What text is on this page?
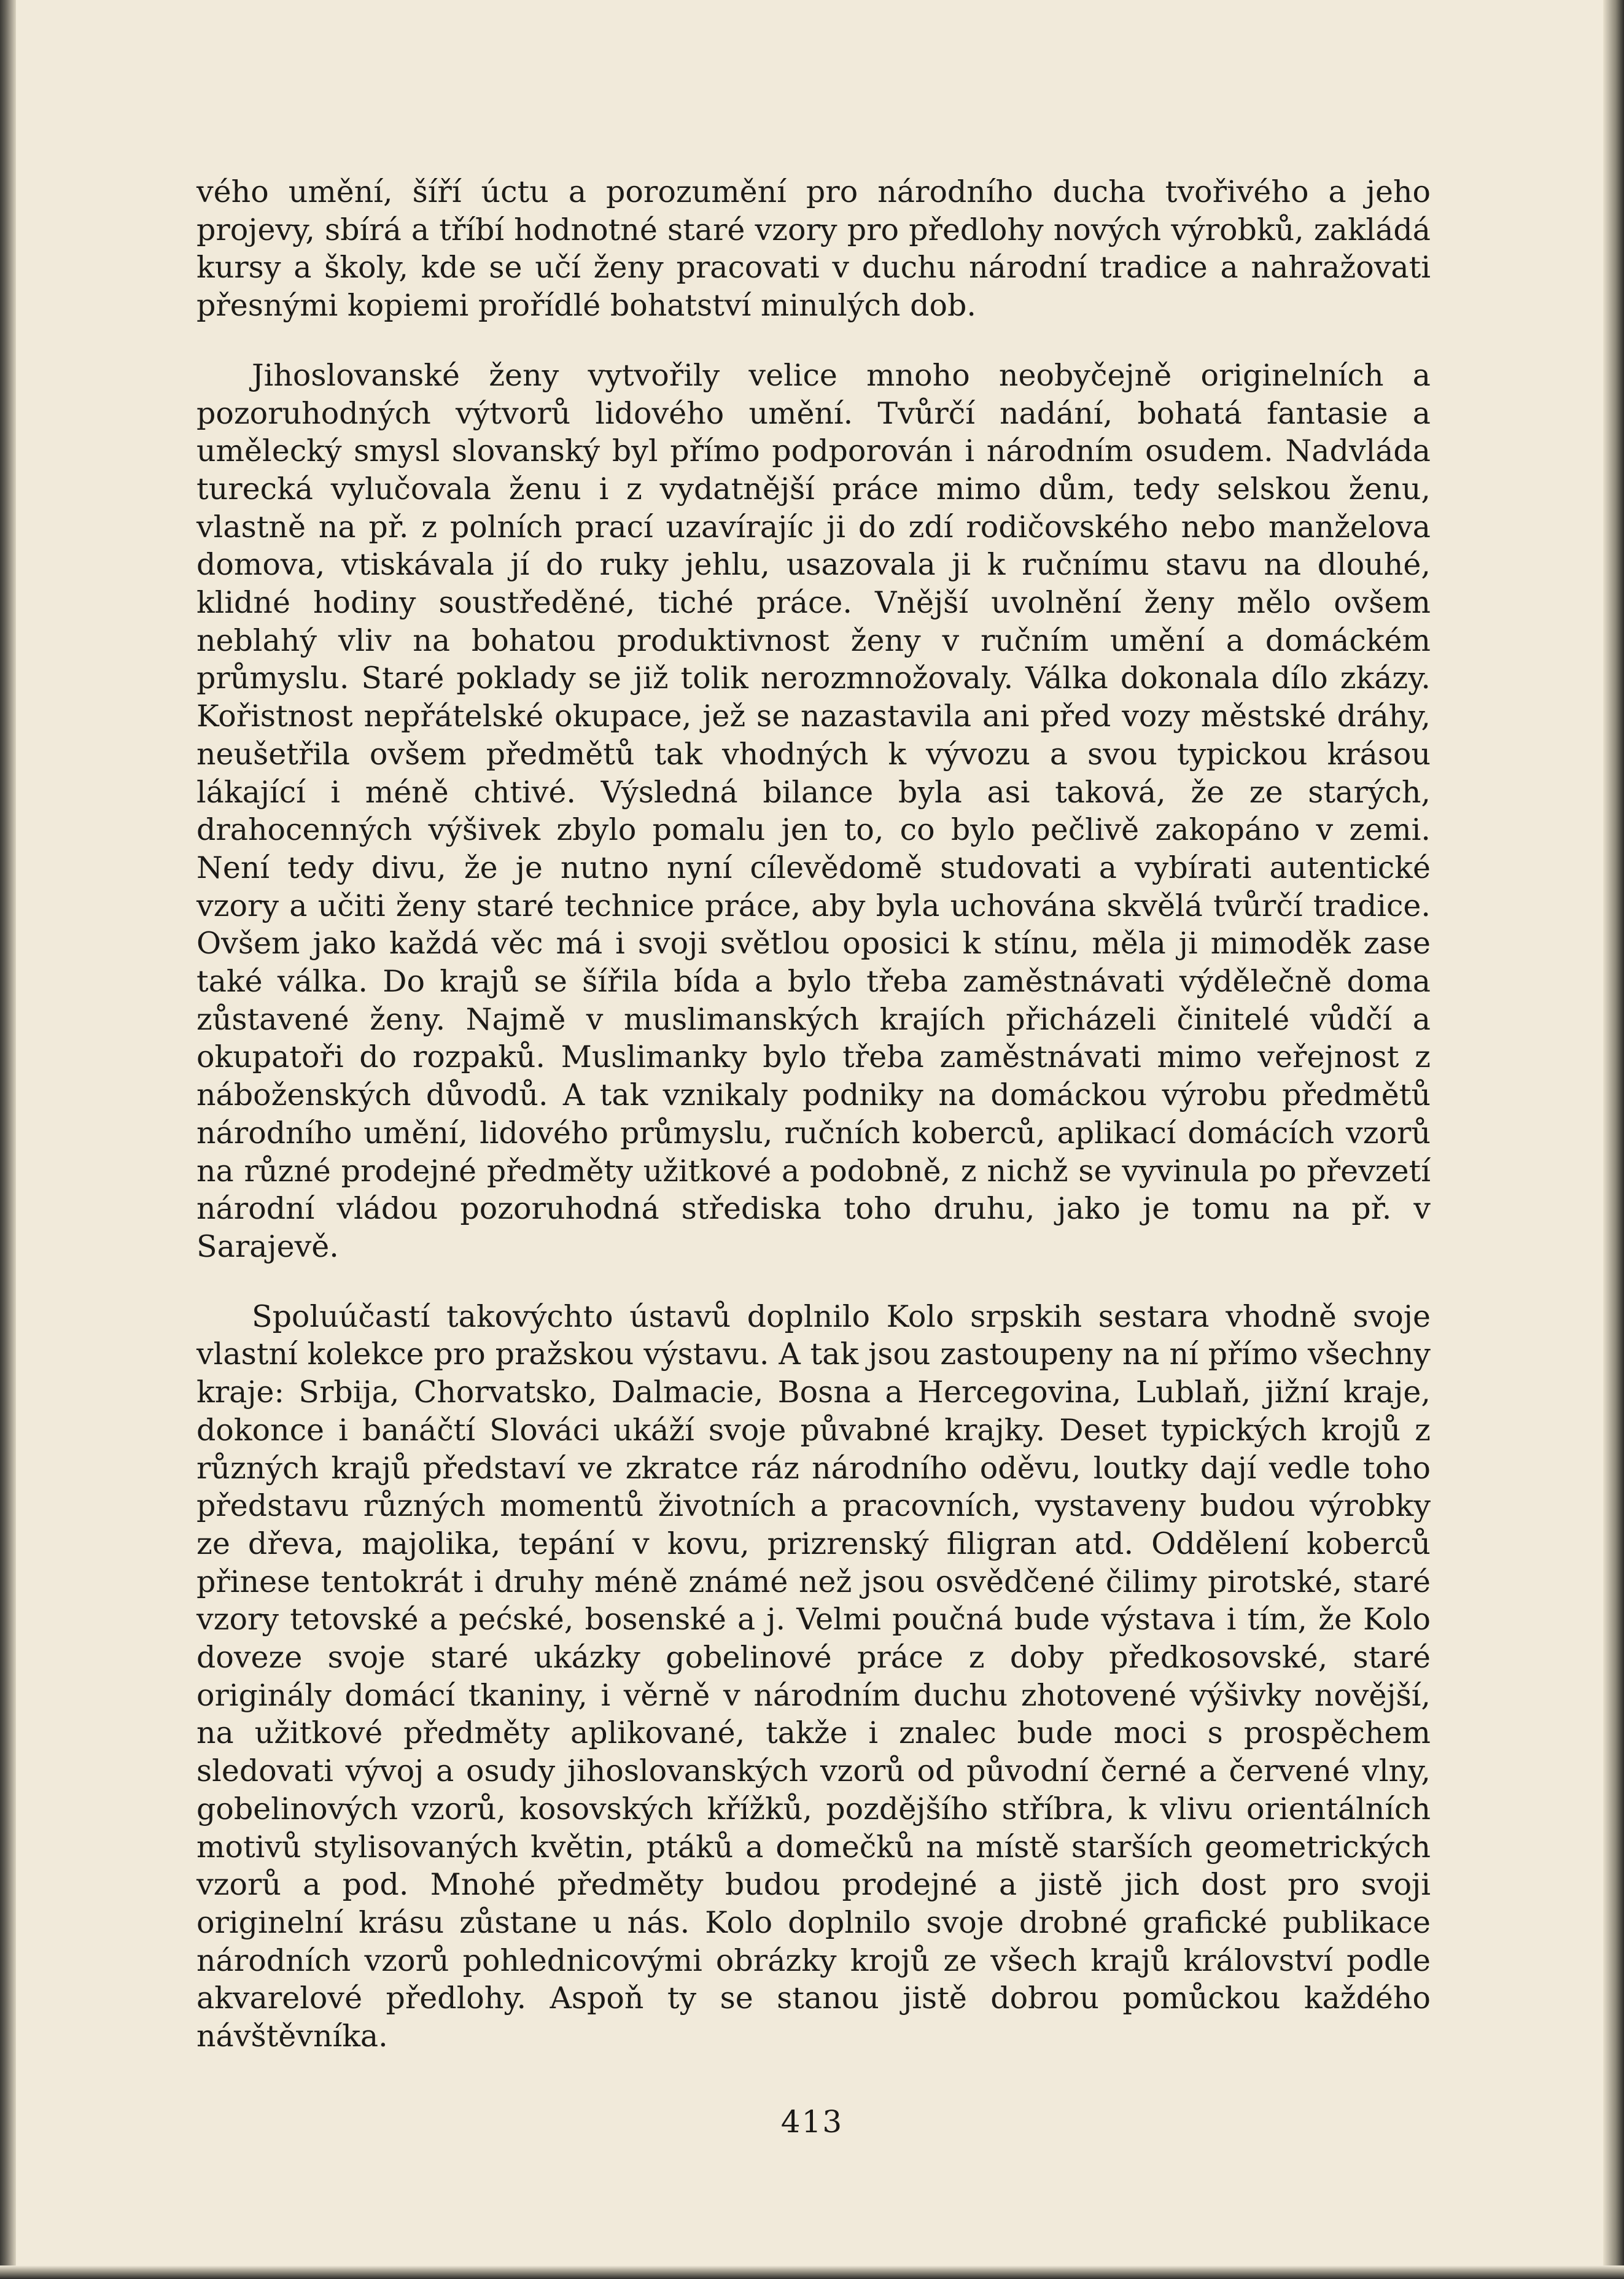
vého umění, šíří úctu a porozumění pro národního ducha tvořivého a jeho projevy, sbírá a tříbí hodnotné staré vzory pro předlohy nových výrobků, zakládá kursy a školy, kde se učí ženy pracovati v duchu národní tradice a nahražovati přesnými kopiemi prořídlé bohatství minulých dob.

Jihoslovanské ženy vytvořily velice mnoho neobyčejně originelních a pozoruhodných výtvorů lidového umění. Tvůrčí nadání, bohatá fantasie a umělecký smysl slovanský byl přímo podporován i národním osudem. Nadvláda turecká vylučovala ženu i z vydatnější práce mimo dům, tedy selskou ženu, vlastně na př. z polních prací uzavírajíc ji do zdí rodičovského nebo manželova domova, vtiskávala jí do ruky jehlu, usazovala ji k ručnímu stavu na dlouhé, klidné hodiny soustředěné, tiché práce. Vnější uvolnění ženy mělo ovšem neblahý vliv na bohatou produktivnost ženy v ručním umění a domáckém průmyslu. Staré poklady se již tolik nerozmnožovaly. Válka dokonala dílo zkázy. Kořistnost nepřátelské okupace, jež se nazastavila ani před vozy městské dráhy, neušetřila ovšem předmětů tak vhodných k vývozu a svou typickou krásou lákající i méně chtivé. Výsledná bilance byla asi taková, že ze starých, drahocenných výšivek zbylo pomalu jen to, co bylo pečlivě zakopáno v zemi. Není tedy divu, že je nutno nyní cílevědomě studovati a vybírati autentické vzory a učiti ženy staré technice práce, aby byla uchována skvělá tvůrčí tradice. Ovšem jako každá věc má i svoji světlou oposici k stínu, měla ji mimoděk zase také válka. Do krajů se šířila bída a bylo třeba zaměstnávati výdělečně doma zůstavené ženy. Najmě v muslimanských krajích přicházeli činitelé vůdčí a okupatoři do rozpaků. Muslimanky bylo třeba zaměstnávati mimo veřejnost z náboženských důvodů. A tak vznikaly podniky na domáckou výrobu předmětů národního umění, lidového průmyslu, ručních koberců, aplikací domácích vzorů na různé prodejné předměty užitkové a podobně, z nichž se vyvinula po převzetí národní vládou pozoruhodná střediska toho druhu, jako je tomu na př. v Sarajevě.

Spoluúčastí takovýchto ústavů doplnilo Kolo srpskih sestara vhodně svoje vlastní kolekce pro pražskou výstavu. A tak jsou zastoupeny na ní přímo všechny kraje: Srbija, Chorvatsko, Dalmacie, Bosna a Hercegovina, Lublaň, jižní kraje, dokonce i banáčtí Slováci ukáží svoje půvabné krajky. Deset typických krojů z různých krajů představí ve zkratce ráz národního oděvu, loutky dají vedle toho představu různých momentů životních a pracovních, vystaveny budou výrobky ze dřeva, majolika, tepání v kovu, prizrenský filigran atd. Oddělení koberců přinese tentokrát i druhy méně známé než jsou osvědčené čilimy pirotské, staré vzory tetovské a pećské, bosenské a j. Velmi poučná bude výstava i tím, že Kolo doveze svoje staré ukázky gobelinové práce z doby předkosovské, staré originály domácí tkaniny, i věrně v národním duchu zhotovené výšivky novější, na užitkové předměty aplikované, takže i znalec bude moci s prospěchem sledovati vývoj a osudy jihoslovanských vzorů od původní černé a červené vlny, gobelinových vzorů, kosovských křížků, pozdějšího stříbra, k vlivu orientálních motivů stylisovaných květin, ptáků a domečků na místě starších geometrických vzorů a pod. Mnohé předměty budou prodejné a jistě jich dost pro svoji originelní krásu zůstane u nás. Kolo doplnilo svoje drobné grafické publikace národních vzorů pohlednicovými obrázky krojů ze všech krajů království podle akvarelové předlohy. Aspoň ty se stanou jistě dobrou pomůckou každého návštěvníka.

413
